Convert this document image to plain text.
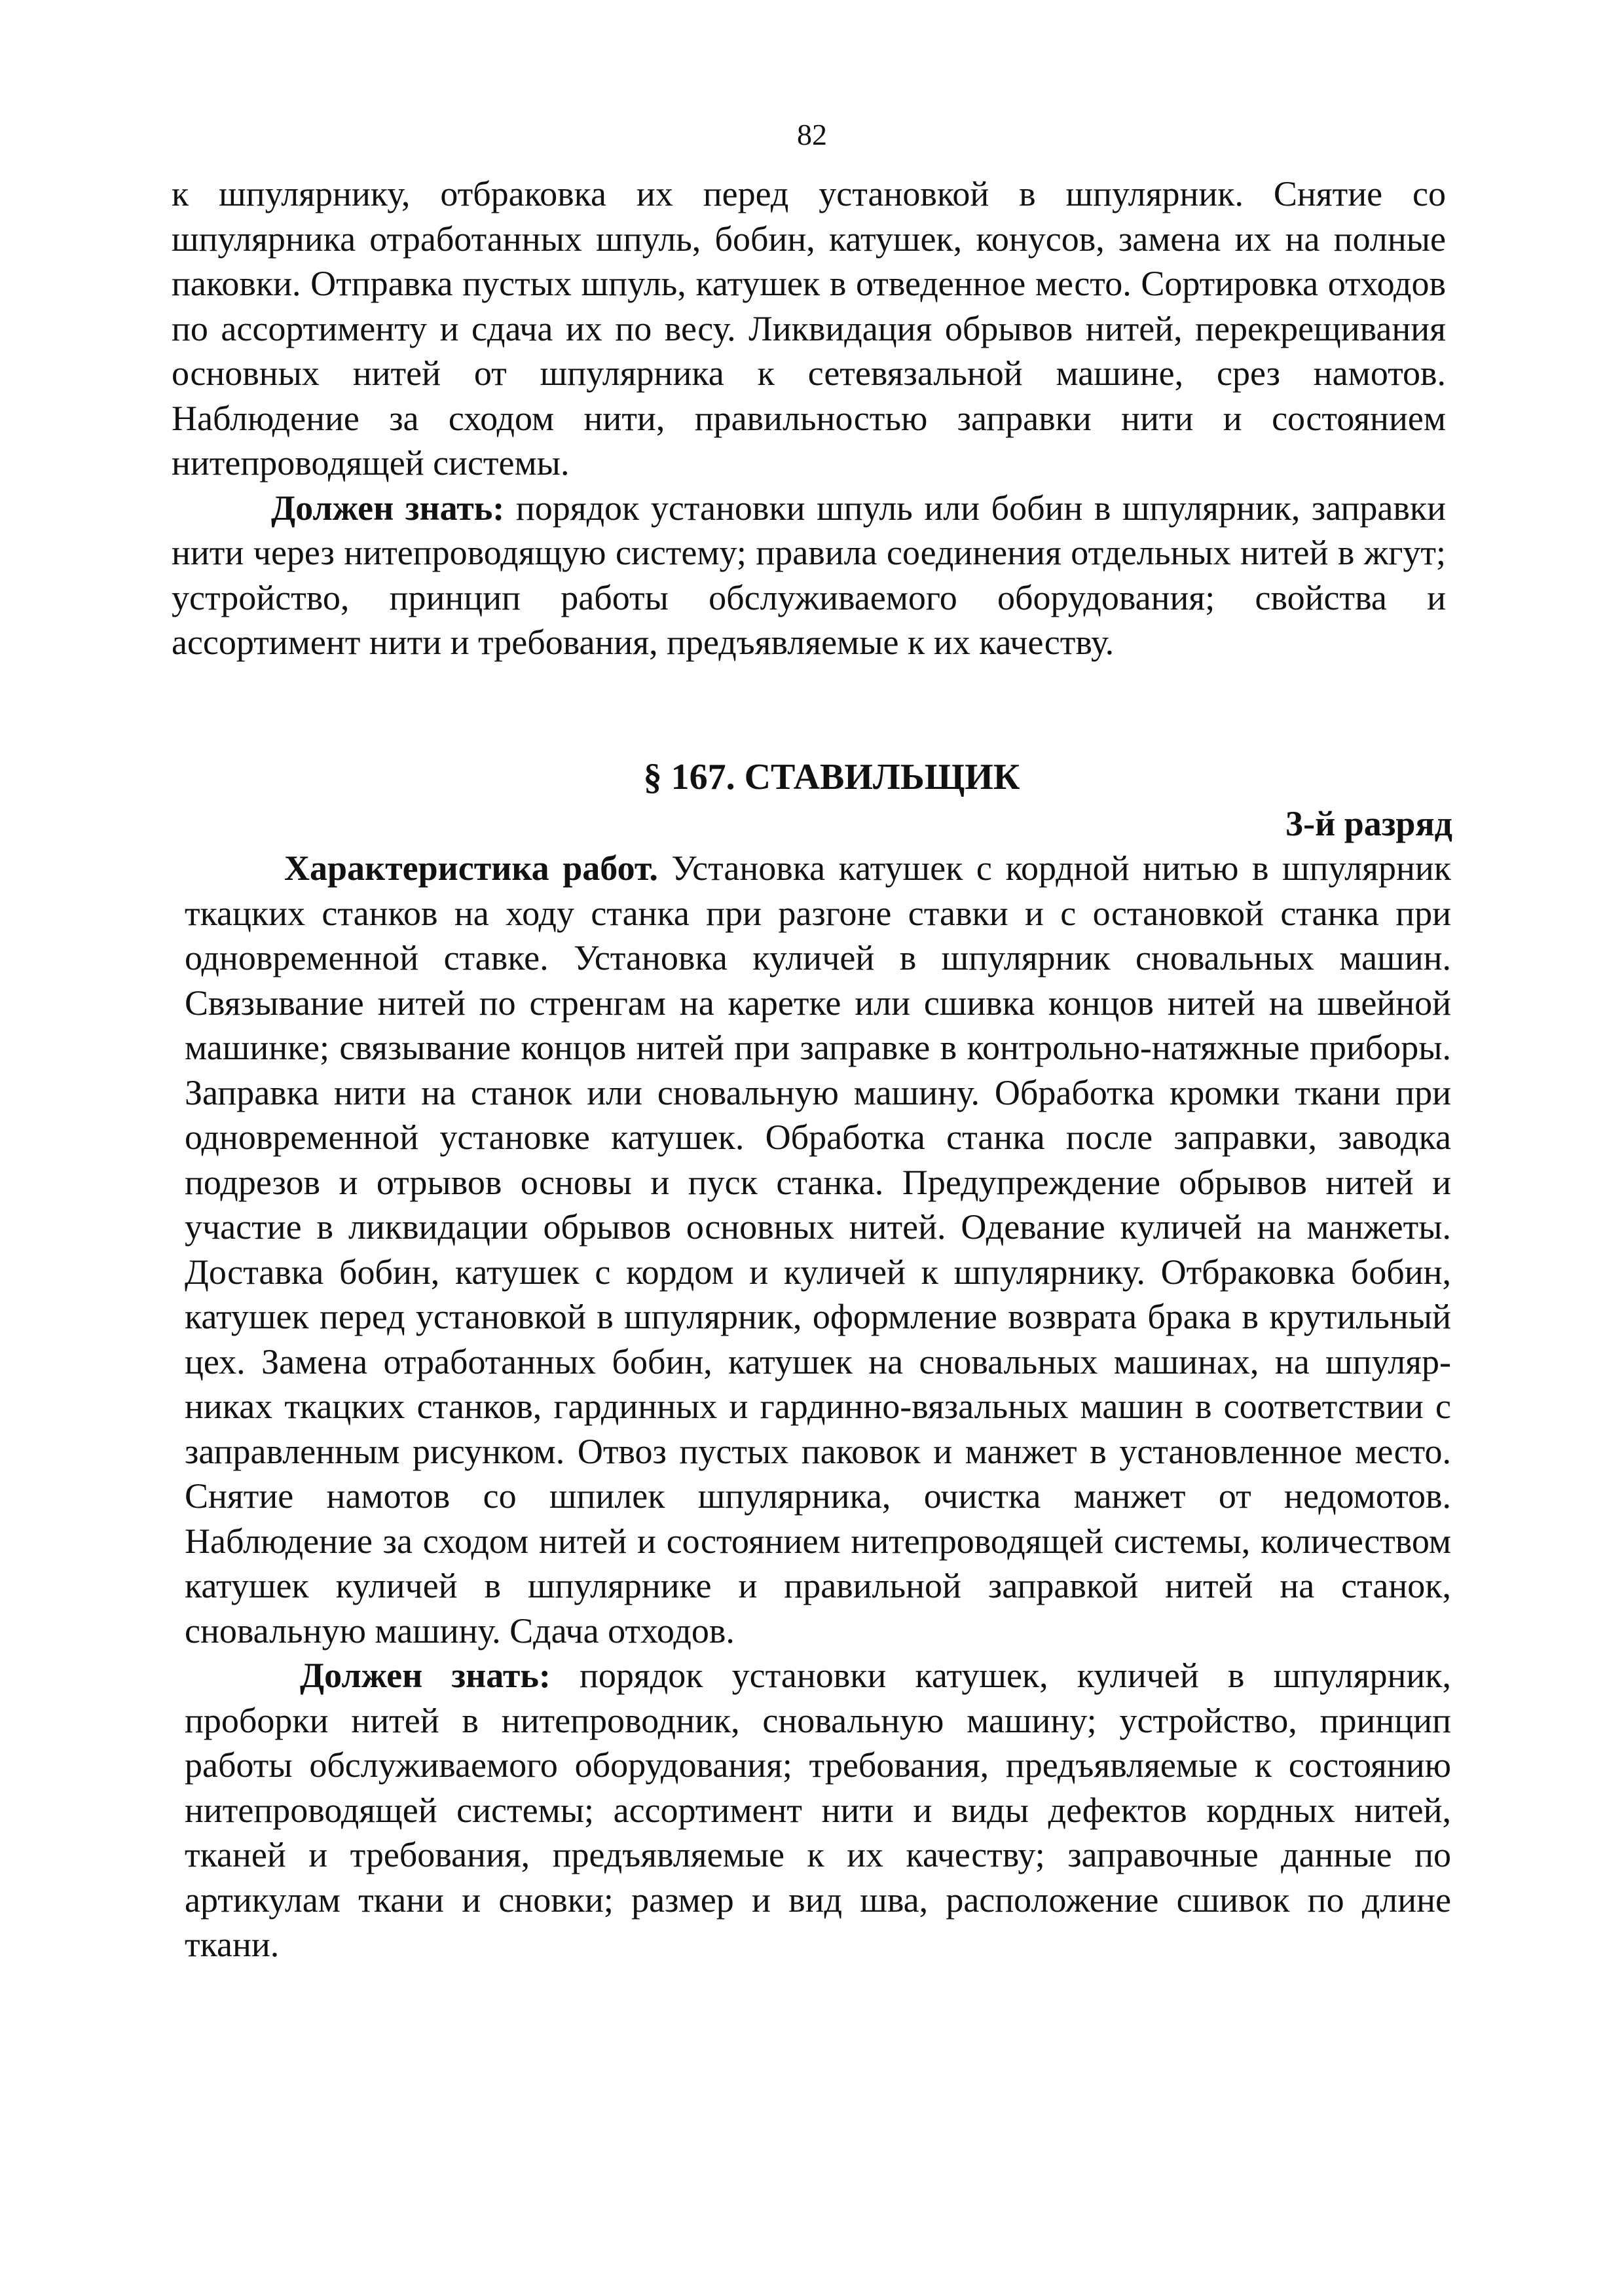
82

к шпулярнику, отбраковка их перед установкой в шпулярник. Снятие со шпулярника отработанных шпуль, бобин, катушек, конусов, замена их на полные паковки. Отправка пустых шпуль, катушек в отведенное место. Сортировка отходов по ассортименту и сдача их по весу. Ликвидация обрывов нитей, перекрещивания основных нитей от шпулярника к сетевязальной машине, срез намотов. Наблюдение за сходом нити, правильностью заправки нити и состоянием нитепроводящей системы.

Должен знать: порядок установки шпуль или бобин в шпулярник, заправки нити через нитепроводящую систему; правила соединения отдельных нитей в жгут; устройство, принцип работы обслуживаемого оборудования; свойства и ассортимент нити и требования, предъявляемые к их качеству.

§ 167. СТАВИЛЬЩИК
3-й разряд

Характеристика работ. Установка катушек с кордной нитью в шпулярник ткацких станков на ходу станка при разгоне ставки и с остановкой станка при одновременной ставке. Установка куличей в шпулярник сновальных машин. Связывание нитей по стренгам на каретке или сшивка концов нитей на швейной машинке; связывание концов нитей при заправке в контрольно-натяжные приборы. Заправка нити на станок или сновальную машину. Обработка кромки ткани при одновременной установке катушек. Обработка станка после заправки, заводка подрезов и отрывов основы и пуск станка. Предупреждение обрывов нитей и участие в ликвидации обрывов основных нитей. Одевание куличей на манжеты. Доставка бобин, катушек с кордом и куличей к шпулярнику. Отбраковка бобин, катушек перед установкой в шпулярник, оформление возврата брака в крутильный цех. Замена отработанных бобин, катушек на сновальных машинах, на шпулярниках ткацких станков, гардинных и гардинно-вязальных машин в соответствии с заправленным рисунком. Отвоз пустых паковок и манжет в установленное место. Снятие намотов со шпилек шпулярника, очистка манжет от недомотов. Наблюдение за сходом нитей и состоянием нитепроводящей системы, количеством катушек куличей в шпулярнике и правильной заправкой нитей на станок, сновальную машину. Сдача отходов.

Должен знать: порядок установки катушек, куличей в шпулярник, проборки нитей в нитепроводник, сновальную машину; устройство, принцип работы обслуживаемого оборудования; требования, предъявляемые к состоянию нитепроводящей системы; ассортимент нити и виды дефектов кордных нитей, тканей и требования, предъявляемые к их качеству; заправочные данные по артикулам ткани и сновки; размер и вид шва, расположение сшивок по длине ткани.
